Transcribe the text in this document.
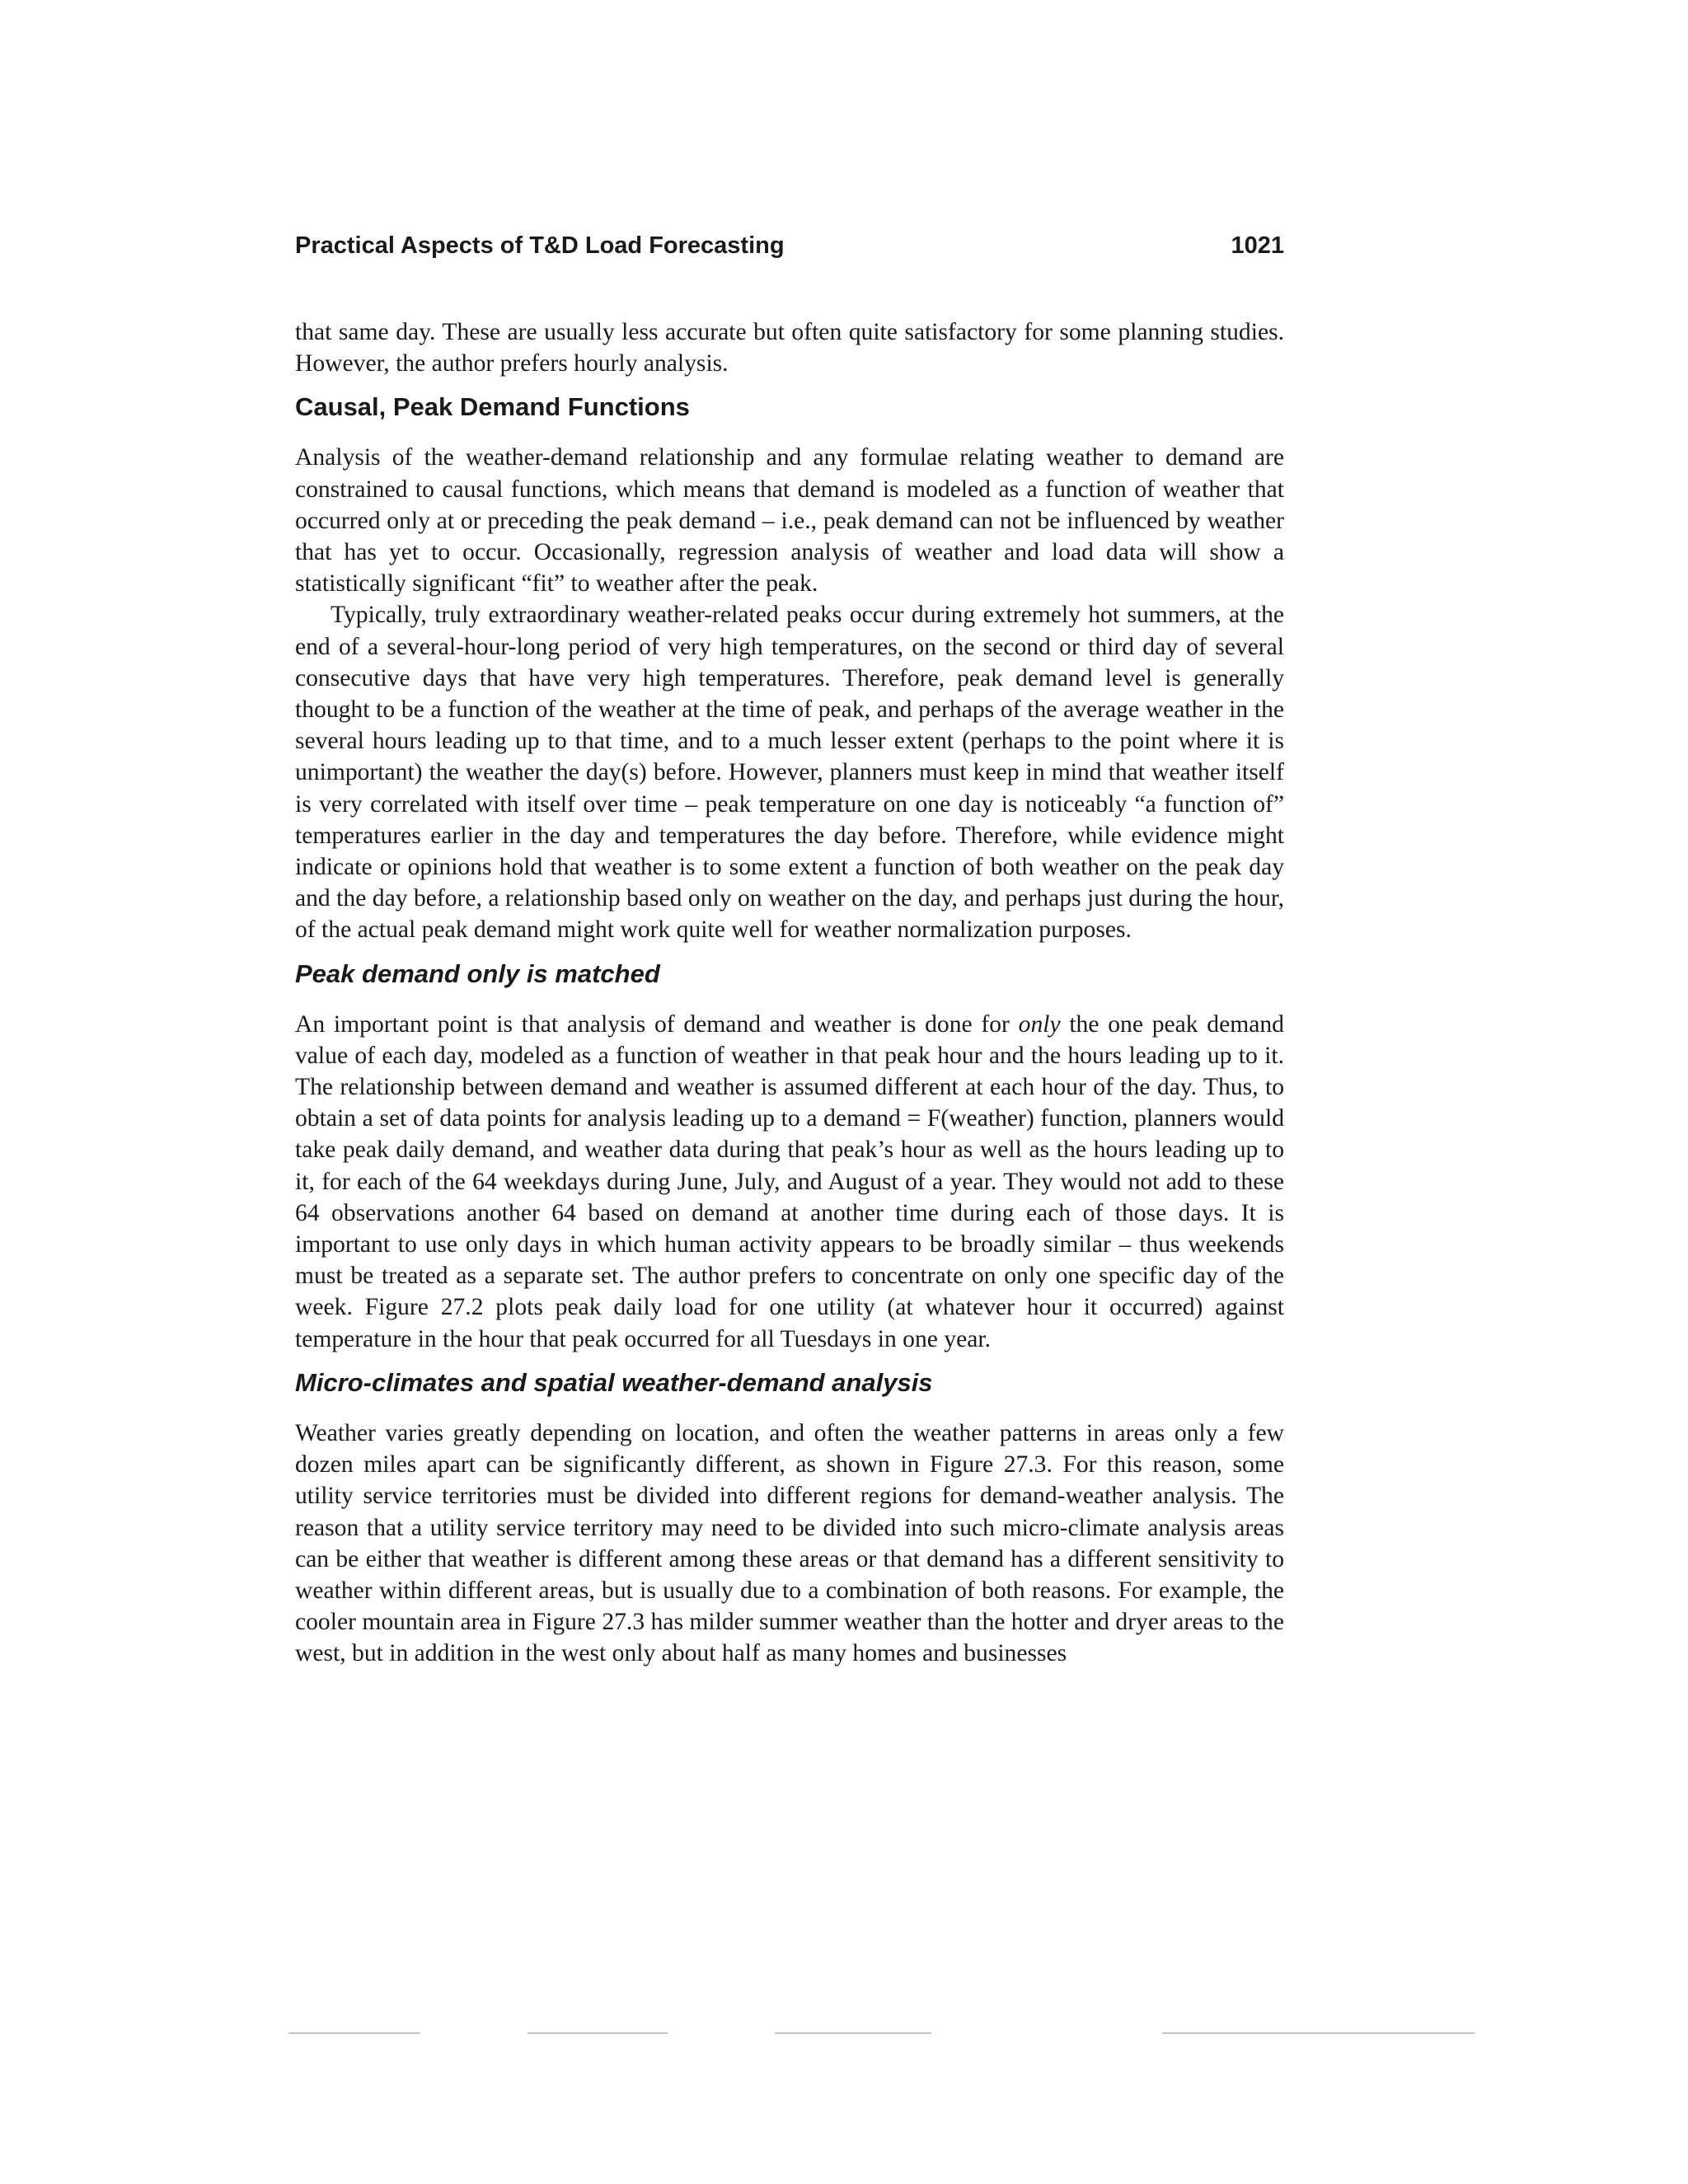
Practical Aspects of T&D Load Forecasting	1021

that same day. These are usually less accurate but often quite satisfactory for some planning studies. However, the author prefers hourly analysis.

Causal, Peak Demand Functions

Analysis of the weather-demand relationship and any formulae relating weather to demand are constrained to causal functions, which means that demand is modeled as a function of weather that occurred only at or preceding the peak demand – i.e., peak demand can not be influenced by weather that has yet to occur. Occasionally, regression analysis of weather and load data will show a statistically significant “fit” to weather after the peak.

Typically, truly extraordinary weather-related peaks occur during extremely hot summers, at the end of a several-hour-long period of very high temperatures, on the second or third day of several consecutive days that have very high temperatures. Therefore, peak demand level is generally thought to be a function of the weather at the time of peak, and perhaps of the average weather in the several hours leading up to that time, and to a much lesser extent (perhaps to the point where it is unimportant) the weather the day(s) before. However, planners must keep in mind that weather itself is very correlated with itself over time – peak temperature on one day is noticeably “a function of” temperatures earlier in the day and temperatures the day before. Therefore, while evidence might indicate or opinions hold that weather is to some extent a function of both weather on the peak day and the day before, a relationship based only on weather on the day, and perhaps just during the hour, of the actual peak demand might work quite well for weather normalization purposes.

Peak demand only is matched

An important point is that analysis of demand and weather is done for only the one peak demand value of each day, modeled as a function of weather in that peak hour and the hours leading up to it. The relationship between demand and weather is assumed different at each hour of the day. Thus, to obtain a set of data points for analysis leading up to a demand = F(weather) function, planners would take peak daily demand, and weather data during that peak’s hour as well as the hours leading up to it, for each of the 64 weekdays during June, July, and August of a year. They would not add to these 64 observations another 64 based on demand at another time during each of those days. It is important to use only days in which human activity appears to be broadly similar – thus weekends must be treated as a separate set. The author prefers to concentrate on only one specific day of the week. Figure 27.2 plots peak daily load for one utility (at whatever hour it occurred) against temperature in the hour that peak occurred for all Tuesdays in one year.

Micro-climates and spatial weather-demand analysis

Weather varies greatly depending on location, and often the weather patterns in areas only a few dozen miles apart can be significantly different, as shown in Figure 27.3. For this reason, some utility service territories must be divided into different regions for demand-weather analysis. The reason that a utility service territory may need to be divided into such micro-climate analysis areas can be either that weather is different among these areas or that demand has a different sensitivity to weather within different areas, but is usually due to a combination of both reasons. For example, the cooler mountain area in Figure 27.3 has milder summer weather than the hotter and dryer areas to the west, but in addition in the west only about half as many homes and businesses
